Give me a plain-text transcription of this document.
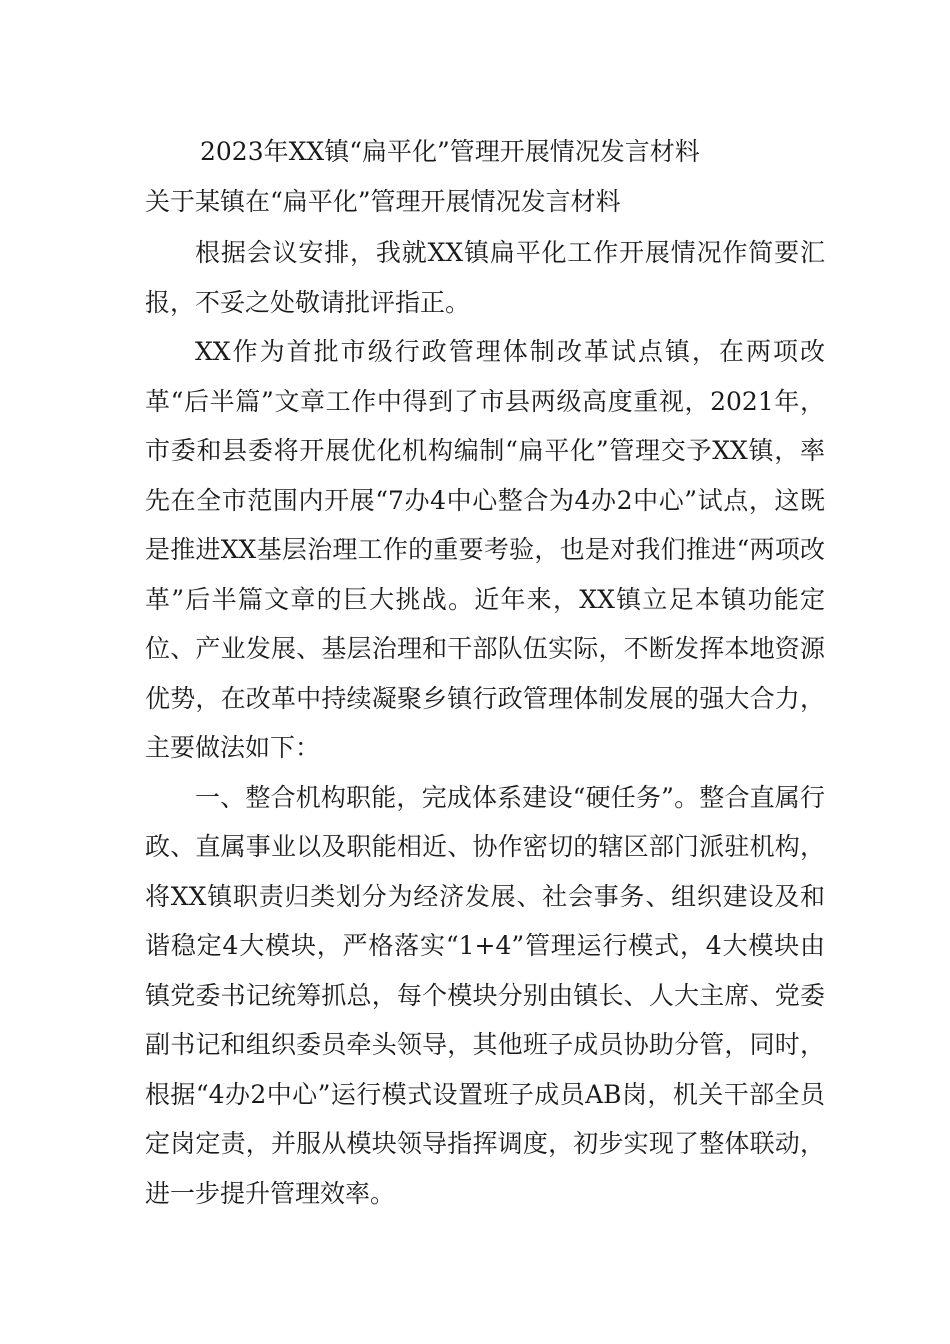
2023年XX镇“扁平化”管理开展情况发言材料
关于某镇在“扁平化”管理开展情况发言材料

根据会议安排，我就XX镇扁平化工作开展情况作简要汇报，不妥之处敬请批评指正。

XX作为首批市级行政管理体制改革试点镇，在两项改革“后半篇”文章工作中得到了市县两级高度重视，2021年，市委和县委将开展优化机构编制“扁平化”管理交予XX镇，率先在全市范围内开展“7办4中心整合为4办2中心”试点，这既是推进XX基层治理工作的重要考验，也是对我们推进“两项改革”后半篇文章的巨大挑战。近年来，XX镇立足本镇功能定位、产业发展、基层治理和干部队伍实际，不断发挥本地资源优势，在改革中持续凝聚乡镇行政管理体制发展的强大合力，主要做法如下：

一、整合机构职能，完成体系建设“硬任务”。整合直属行政、直属事业以及职能相近、协作密切的辖区部门派驻机构，将XX镇职责归类划分为经济发展、社会事务、组织建设及和谐稳定4大模块，严格落实“1+4”管理运行模式，4大模块由镇党委书记统筹抓总，每个模块分别由镇长、人大主席、党委副书记和组织委员牵头领导，其他班子成员协助分管，同时，根据“4办2中心”运行模式设置班子成员AB岗，机关干部全员定岗定责，并服从模块领导指挥调度，初步实现了整体联动，进一步提升管理效率。
